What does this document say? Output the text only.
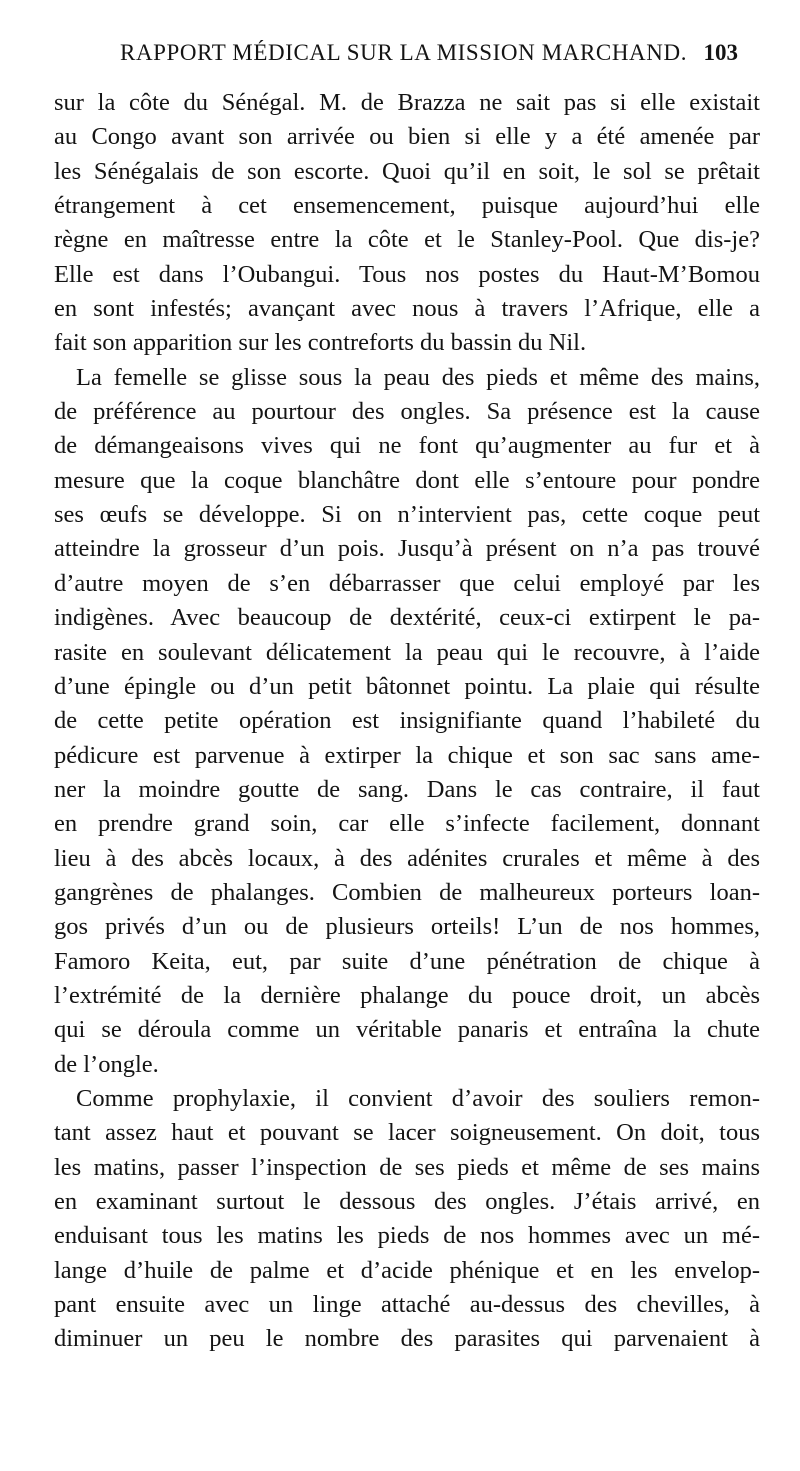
RAPPORT MÉDICAL SUR LA MISSION MARCHAND. 103
sur la côte du Sénégal. M. de Brazza ne sait pas si elle existait
au Congo avant son arrivée ou bien si elle y a été amenée par
les Sénégalais de son escorte. Quoi qu’il en soit, le sol se prêtait
étrangement à cet ensemencement, puisque aujourd’hui elle
règne en maîtresse entre la côte et le Stanley-Pool. Que dis-je?
Elle est dans l’Oubangui. Tous nos postes du Haut-M’Bomou
en sont infestés; avançant avec nous à travers l’Afrique, elle a
fait son apparition sur les contreforts du bassin du Nil.
La femelle se glisse sous la peau des pieds et même des mains,
de préférence au pourtour des ongles. Sa présence est la cause
de démangeaisons vives qui ne font qu’augmenter au fur et à
mesure que la coque blanchâtre dont elle s’entoure pour pondre
ses œufs se développe. Si on n’intervient pas, cette coque peut
atteindre la grosseur d’un pois. Jusqu’à présent on n’a pas trouvé
d’autre moyen de s’en débarrasser que celui employé par les
indigènes. Avec beaucoup de dextérité, ceux-ci extirpent le pa-
rasite en soulevant délicatement la peau qui le recouvre, à l’aide
d’une épingle ou d’un petit bâtonnet pointu. La plaie qui résulte
de cette petite opération est insignifiante quand l’habileté du
pédicure est parvenue à extirper la chique et son sac sans ame-
ner la moindre goutte de sang. Dans le cas contraire, il faut
en prendre grand soin, car elle s’infecte facilement, donnant
lieu à des abcès locaux, à des adénites crurales et même à des
gangrènes de phalanges. Combien de malheureux porteurs loan-
gos privés d’un ou de plusieurs orteils! L’un de nos hommes,
Famoro Keita, eut, par suite d’une pénétration de chique à
l’extrémité de la dernière phalange du pouce droit, un abcès
qui se déroula comme un véritable panaris et entraîna la chute
de l’ongle.
Comme prophylaxie, il convient d’avoir des souliers remon-
tant assez haut et pouvant se lacer soigneusement. On doit, tous
les matins, passer l’inspection de ses pieds et même de ses mains
en examinant surtout le dessous des ongles. J’étais arrivé, en
enduisant tous les matins les pieds de nos hommes avec un mé-
lange d’huile de palme et d’acide phénique et en les envelop-
pant ensuite avec un linge attaché au-dessus des chevilles, à
diminuer un peu le nombre des parasites qui parvenaient à
